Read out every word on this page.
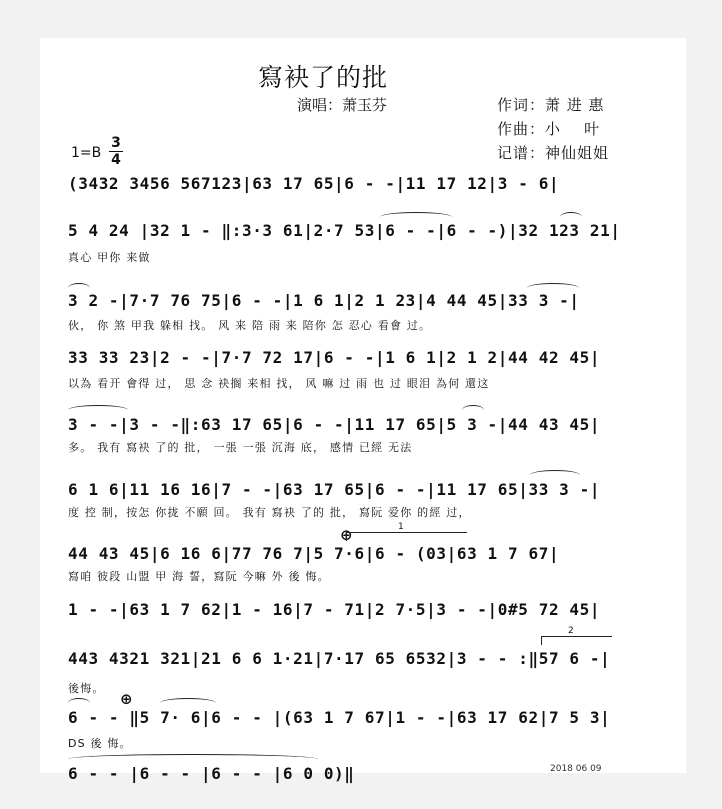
寫袂了的批
演唱：萧玉芬	作词：萧 进 惠
作曲：小    叶
记谱：神仙姐姐
1=B
3
4
(3432 3456 567123|63 17 65|6 - -|11 17 12|3 - 6|
5 4 24 |32 1 - ‖:3·3 61|2·7 53|6 - -|6 - -)|32 123 21|
真心 甲你 来做
3 2 -|7·7 76 75|6 - -|1 6 1|2 1 23|4 44 45|33 3 -|
伙， 你 煞 甲我 躲相 找。 风 来 陪 雨 来 陪你 怎 忍心 看會 过。
33 33 23|2 - -|7·7 72 17|6 - -|1 6 1|2 1 2|44 42 45|
以為 看开 會得 过， 思 念 袂搁 来相 找， 风 嘛 过 雨 也 过 眼泪 為何 還这
3 - -|3 - -‖:63 17 65|6 - -|11 17 65|5 3 -|44 43 45|
多。 我有 寫袂 了的 批， 一張 一張 沉海 底， 感情 已經 无法
6 1 6|11 16 16|7 - -|63 17 65|6 - -|11 17 65|33 3 -|
度 控 制，按怎 你拢 不願 回。 我有 寫袂 了的 批， 寫阮 爱你 的經 过，
44 43 45|6 16 6|77 76 7|5 7·6|6 - (03|63 1 7 67|
寫咱 彼段 山盟 甲 海 誓，寫阮 今嘛 外 後 悔。
1 - -|63 1 7 62|1 - 16|7 - 71|2 7·5|3 - -|0#5 72 45|
443 4321 321|21 6 6 1·21|7·17 65 6532|3 - - :‖57 6 -|
後悔。
6 - - ‖5 7· 6|6 - - |(63 1 7 67|1 - -|63 17 62|7 5 3|
DS 後 悔。
6 - - |6 - - |6 - - |6 0 0)‖
⊕	1
2
⊕
2018 06 09
